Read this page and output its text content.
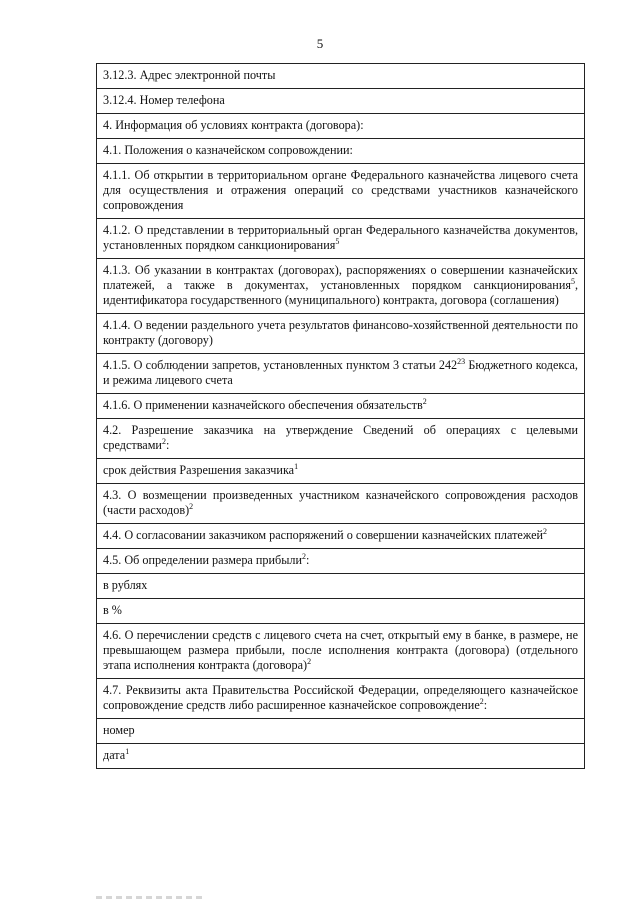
5
3.12.3. Адрес электронной почты
3.12.4. Номер телефона
4. Информация об условиях контракта (договора):
4.1. Положения о казначейском сопровождении:
4.1.1. Об открытии в территориальном органе Федерального казначейства лицевого счета для осуществления и отражения операций со средствами участников казначейского сопровождения
4.1.2. О представлении в территориальный орган Федерального казначейства документов, установленных порядком санкционирования$^5$
4.1.3. Об указании в контрактах (договорах), распоряжениях о совершении казначейских платежей, а также в документах, установленных порядком санкционирования$^5$, идентификатора государственного (муниципального) контракта, договора (соглашения)
4.1.4. О ведении раздельного учета результатов финансово-хозяйственной деятельности по контракту (договору)
4.1.5. О соблюдении запретов, установленных пунктом 3 статьи $242^{23}$ Бюджетного кодекса, и режима лицевого счета
4.1.6. О применении казначейского обеспечения обязательств$^2$
4.2. Разрешение заказчика на утверждение Сведений об операциях с целевыми средствами$^2$:
срок действия Разрешения заказчика$^1$
4.3. О возмещении произведенных участником казначейского сопровождения расходов (части расходов)$^2$
4.4. О согласовании заказчиком распоряжений о совершении казначейских платежей$^2$
4.5. Об определении размера прибыли$^2$:
в рублях
в %
4.6. О перечислении средств с лицевого счета на счет, открытый ему в банке, в размере, не превышающем размера прибыли, после исполнения контракта (договора) (отдельного этапа исполнения контракта (договора)$^2$
4.7. Реквизиты акта Правительства Российской Федерации, определяющего казначейское сопровождение средств либо расширенное казначейское сопровождение$^2$:
номер
дата$^1$
